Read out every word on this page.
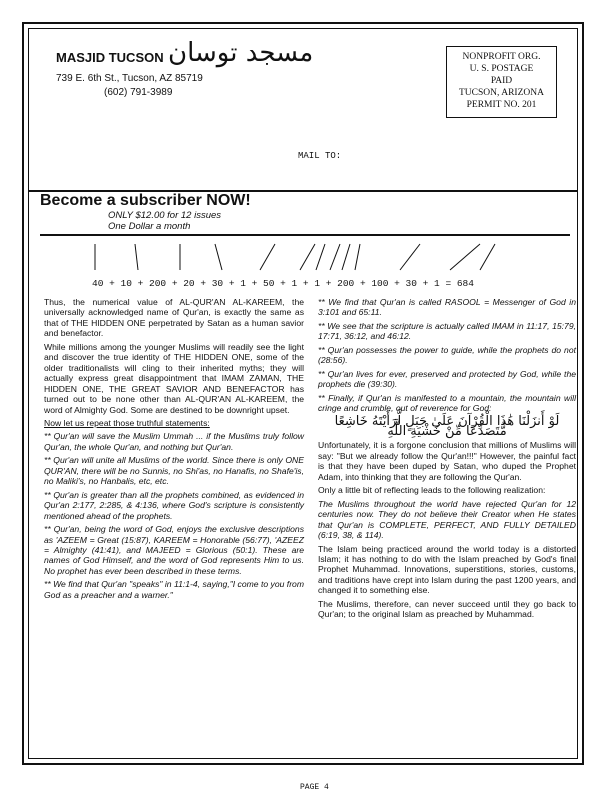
MASJID TUCSON مسجد توسان
739 E. 6th St., Tucson, AZ 85719
(602) 791-3989
NONPROFIT ORG.
U. S. POSTAGE
PAID
TUCSON, ARIZONA
PERMIT NO. 201
MAIL TO:
Become a subscriber NOW!
ONLY $12.00 for 12 issues
One Dollar a month
40 + 10 + 200 + 20 + 30 + 1 + 50 + 1 + 1 + 200 + 100 + 30 + 1 = 684

Thus, the numerical value of AL-QUR'AN AL-KAREEM, the universally acknowledged name of Qur'an, is exactly the same as that of THE HIDDEN ONE perpetrated by Satan as a human savior and benefactor.

While millions among the younger Muslims will readily see the light and discover the true identity of THE HIDDEN ONE, some of the older traditionalists will cling to their inherited myths; they will actually express great disappointment that IMAM ZAMAN, THE HIDDEN ONE, THE GREAT SAVIOR AND BENEFACTOR has turned out to be none other than AL-QUR'AN AL-KAREEM, the word of Almighty God. Some are destined to be downright upset.

Now let us repeat those truthful statements:

** Qur'an will save the Muslim Ummah ... if the Muslims truly follow Qur'an, the whole Qur'an, and nothing but Qur'an.

** Qur'an will unite all Muslims of the world. Since there is only ONE QUR'AN, there will be no Sunnis, no Shi'as, no Hanafis, no Shafe'is, no Maliki's, no Hanbalis, etc, etc.

** Qur'an is greater than all the prophets combined, as evidenced in Qur'an 2:177, 2:285, & 4:136, where God's scripture is consistently mentioned ahead of the prophets.

** Qur'an, being the word of God, enjoys the exclusive descriptions as 'AZEEM = Great (15:87), KAREEM = Honorable (56:77), 'AZEEZ = Almighty (41:41), and MAJEED = Glorious (50:1). These are names of God Himself, and the word of God represents Him to us. No prophet has ever been described in these terms.

** We find that Qur'an "speaks" in 11:1-4, saying,"I come to you from God as a preacher and a warner."

** We find that Qur'an is called RASOOL = Messenger of God in 3:101 and 65:11.

** We see that the scripture is actually called IMAM in 11:17, 15:79, 17:71, 36:12, and 46:12.

** Qur'an possesses the power to guide, while the prophets do not (28:56).

** Qur'an lives for ever, preserved and protected by God, while the prophets die (39:30).

** Finally, if Qur'an is manifested to a mountain, the mountain will cringe and crumble, out of reverence for God:

لَوْ أَنزَلْنَا هَٰذَا الْقُرْآنَ عَلَىٰ جَبَلٍ لَّرَأَيْتَهُ خَاشِعًا مُّتَصَدِّعًا مِّنْ خَشْيَةِ اللَّهِ

Unfortunately, it is a forgone conclusion that millions of Muslims will say: "But we already follow the Qur'an!!!" However, the painful fact is that they have been duped by Satan, who duped the Prophet Adam, into thinking that they are following the Qur'an.

Only a little bit of reflecting leads to the following realization:

The Muslims throughout the world have rejected Qur'an for 12 centuries now. They do not believe their Creator when He states that Qur'an is COMPLETE, PERFECT, AND FULLY DETAILED (6:19, 38, & 114).

The Islam being practiced around the world today is a distorted Islam; it has nothing to do with the Islam preached by God's final Prophet Muhammad. Innovations, superstitions, stories, customs, and traditions have crept into Islam during the past 1200 years, and changed it to something else.

The Muslims, therefore, can never succeed until they go back to Qur'an; to the original Islam as preached by Muhammad.

PAGE 4
